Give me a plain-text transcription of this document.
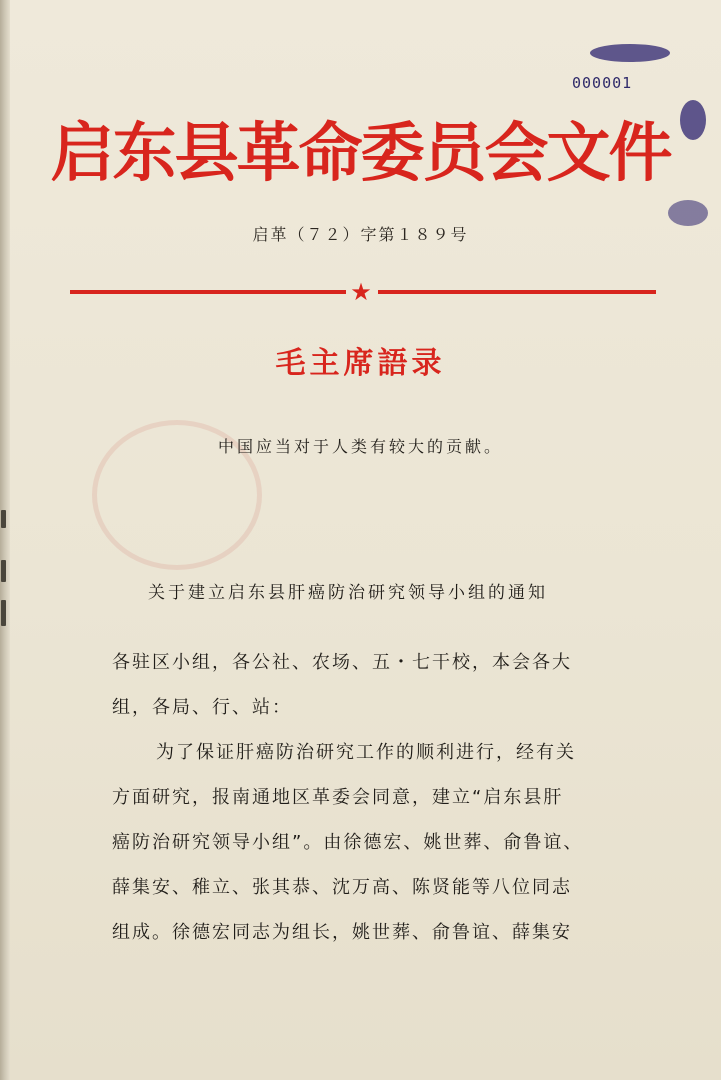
000001
启东县革命委员会文件
启革（７２）字第１８９号
★
毛主席語录
中国应当对于人类有较大的贡献。
关于建立启东县肝癌防治研究领导小组的通知
各驻区小组，各公社、农场、五・七干校，本会各大
组，各局、行、站：
为了保证肝癌防治研究工作的顺利进行，经有关
方面研究，报南通地区革委会同意，建立“启东县肝
癌防治研究领导小组”。由徐德宏、姚世葬、俞鲁谊、
薛集安、稚立、张其恭、沈万高、陈贤能等八位同志
组成。徐德宏同志为组长，姚世葬、俞鲁谊、薛集安
